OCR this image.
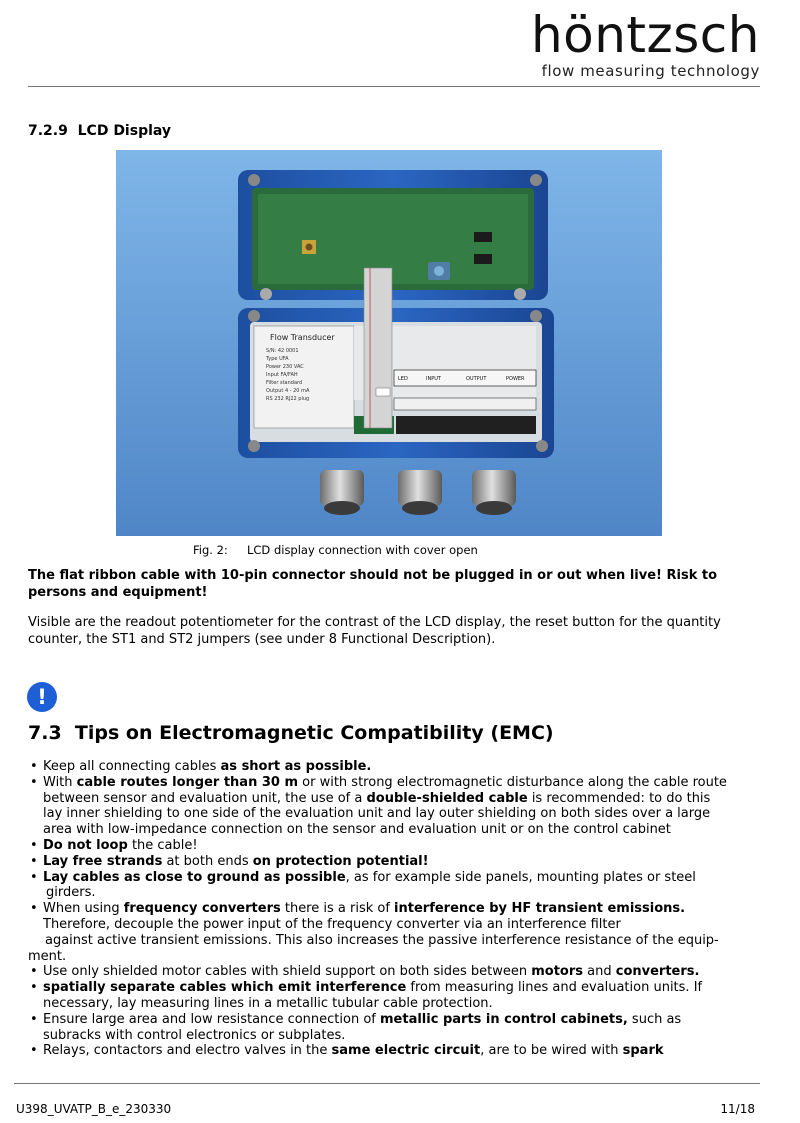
höntzsch
flow measuring technology
7.2.9 LCD Display
Flow Transducer
S/N: 42 0001
Type UFA
Power 230 VAC
Input FA/FAH
Filter standard
Output 4 - 20 mA
RS 232 RJ22 plug
LED	INPUT	OUTPUT	POWER
Fig. 2: LCD display connection with cover open
The flat ribbon cable with 10-pin connector should not be plugged in or out when live! Risk to persons and equipment!
Visible are the readout potentiometer for the contrast of the LCD display, the reset button for the quantity counter, the ST1 and ST2 jumpers (see under 8 Functional Description).
!
7.3 Tips on Electromagnetic Compatibility (EMC)
• Keep all connecting cables as short as possible.
• With cable routes longer than 30 m or with strong electromagnetic disturbance along the cable route
between sensor and evaluation unit, the use of a double-shielded cable is recommended: to do this
lay inner shielding to one side of the evaluation unit and lay outer shielding on both sides over a large
area with low-impedance connection on the sensor and evaluation unit or on the control cabinet
• Do not loop the cable!
• Lay free strands at both ends on protection potential!
• Lay cables as close to ground as possible, as for example side panels, mounting plates or steel
girders.
• When using frequency converters there is a risk of interference by HF transient emissions.
Therefore, decouple the power input of the frequency converter via an interference filter
against active transient emissions. This also increases the passive interference resistance of the equip-
ment.
• Use only shielded motor cables with shield support on both sides between motors and converters.
• spatially separate cables which emit interference from measuring lines and evaluation units. If
necessary, lay measuring lines in a metallic tubular cable protection.
• Ensure large area and low resistance connection of metallic parts in control cabinets, such as
subracks with control electronics or subplates.
• Relays, contactors and electro valves in the same electric circuit, are to be wired with spark
U398_UVATP_B_e_230330	11/18
